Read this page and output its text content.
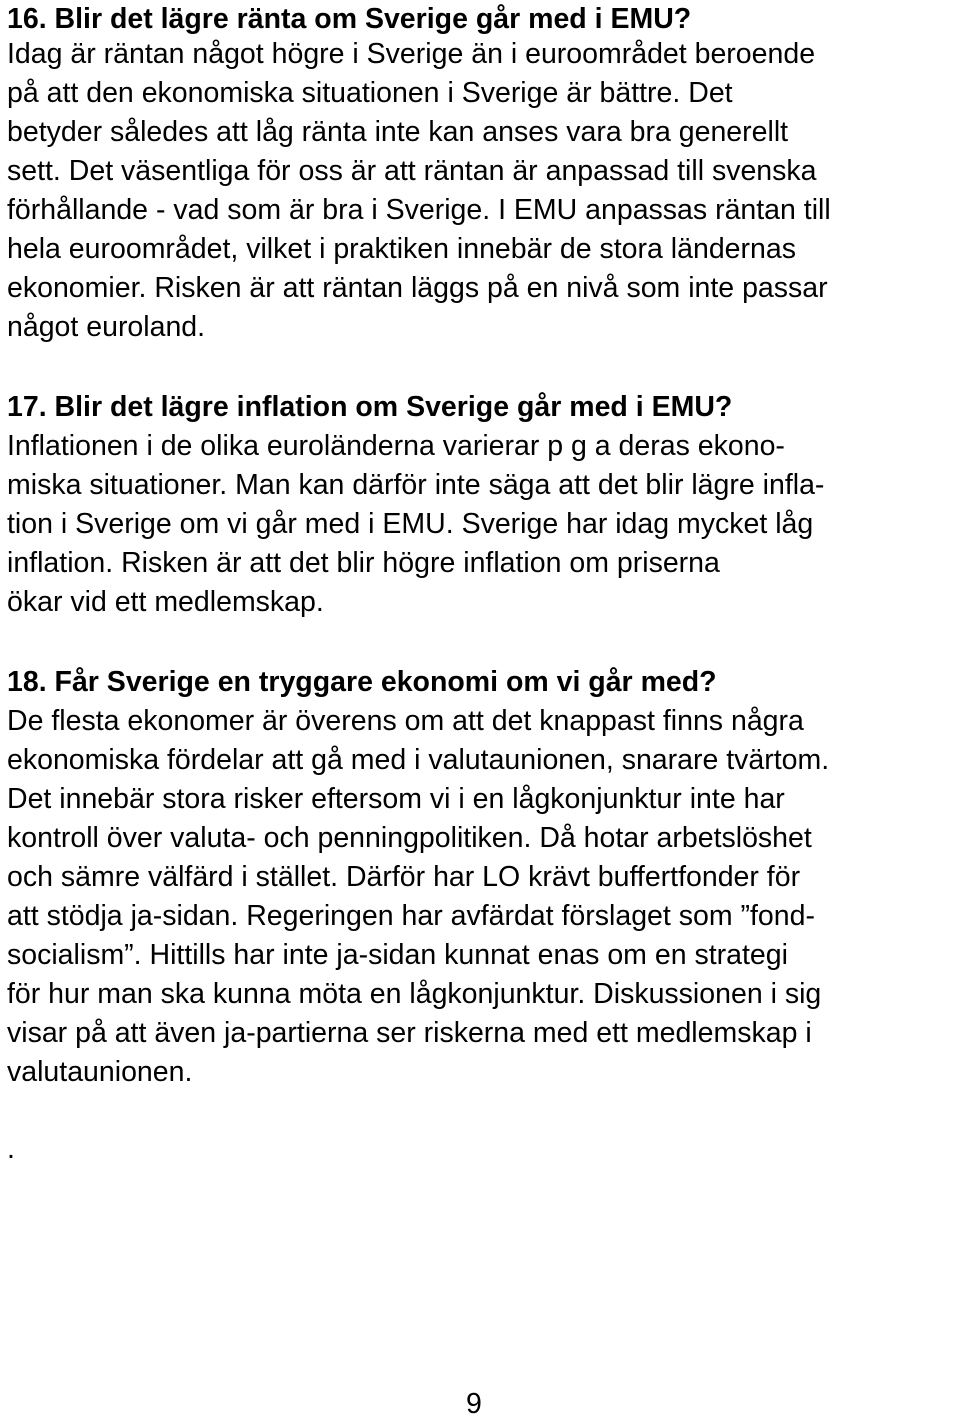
16. Blir det lägre ränta om Sverige går med i EMU?

Idag är räntan något högre i Sverige än i euroområdet beroende

på att den ekonomiska situationen i Sverige är bättre. Det

betyder således att låg ränta inte kan anses vara bra generellt

sett. Det väsentliga för oss är att räntan är anpassad till svenska

förhållande - vad som är bra i Sverige. I EMU anpassas räntan till

hela euroområdet, vilket i praktiken innebär de stora ländernas

ekonomier. Risken är att räntan läggs på en nivå som inte passar

något euroland.

17. Blir det lägre inflation om Sverige går med i EMU?

Inflationen i de olika euroländerna varierar p g a deras ekono-

miska situationer. Man kan därför inte säga att det blir lägre infla-

tion i Sverige om vi går med i EMU. Sverige har idag mycket låg

inflation. Risken är att det blir högre inflation om priserna

ökar vid ett medlemskap.

18. Får Sverige en tryggare ekonomi om vi går med?

De flesta ekonomer är överens om att det knappast finns några

ekonomiska fördelar att gå med i valutaunionen, snarare tvärtom.

Det innebär stora risker eftersom vi i en lågkonjunktur inte har

kontroll över valuta- och penningpolitiken. Då hotar arbetslöshet

och sämre välfärd i stället. Därför har LO krävt buffertfonder för

att stödja ja-sidan. Regeringen har avfärdat förslaget som ”fond-

socialism”. Hittills har inte ja-sidan kunnat enas om en strategi

för hur man ska kunna möta en lågkonjunktur. Diskussionen i sig

visar på att även ja-partierna ser riskerna med ett medlemskap i

valutaunionen.

.

9
